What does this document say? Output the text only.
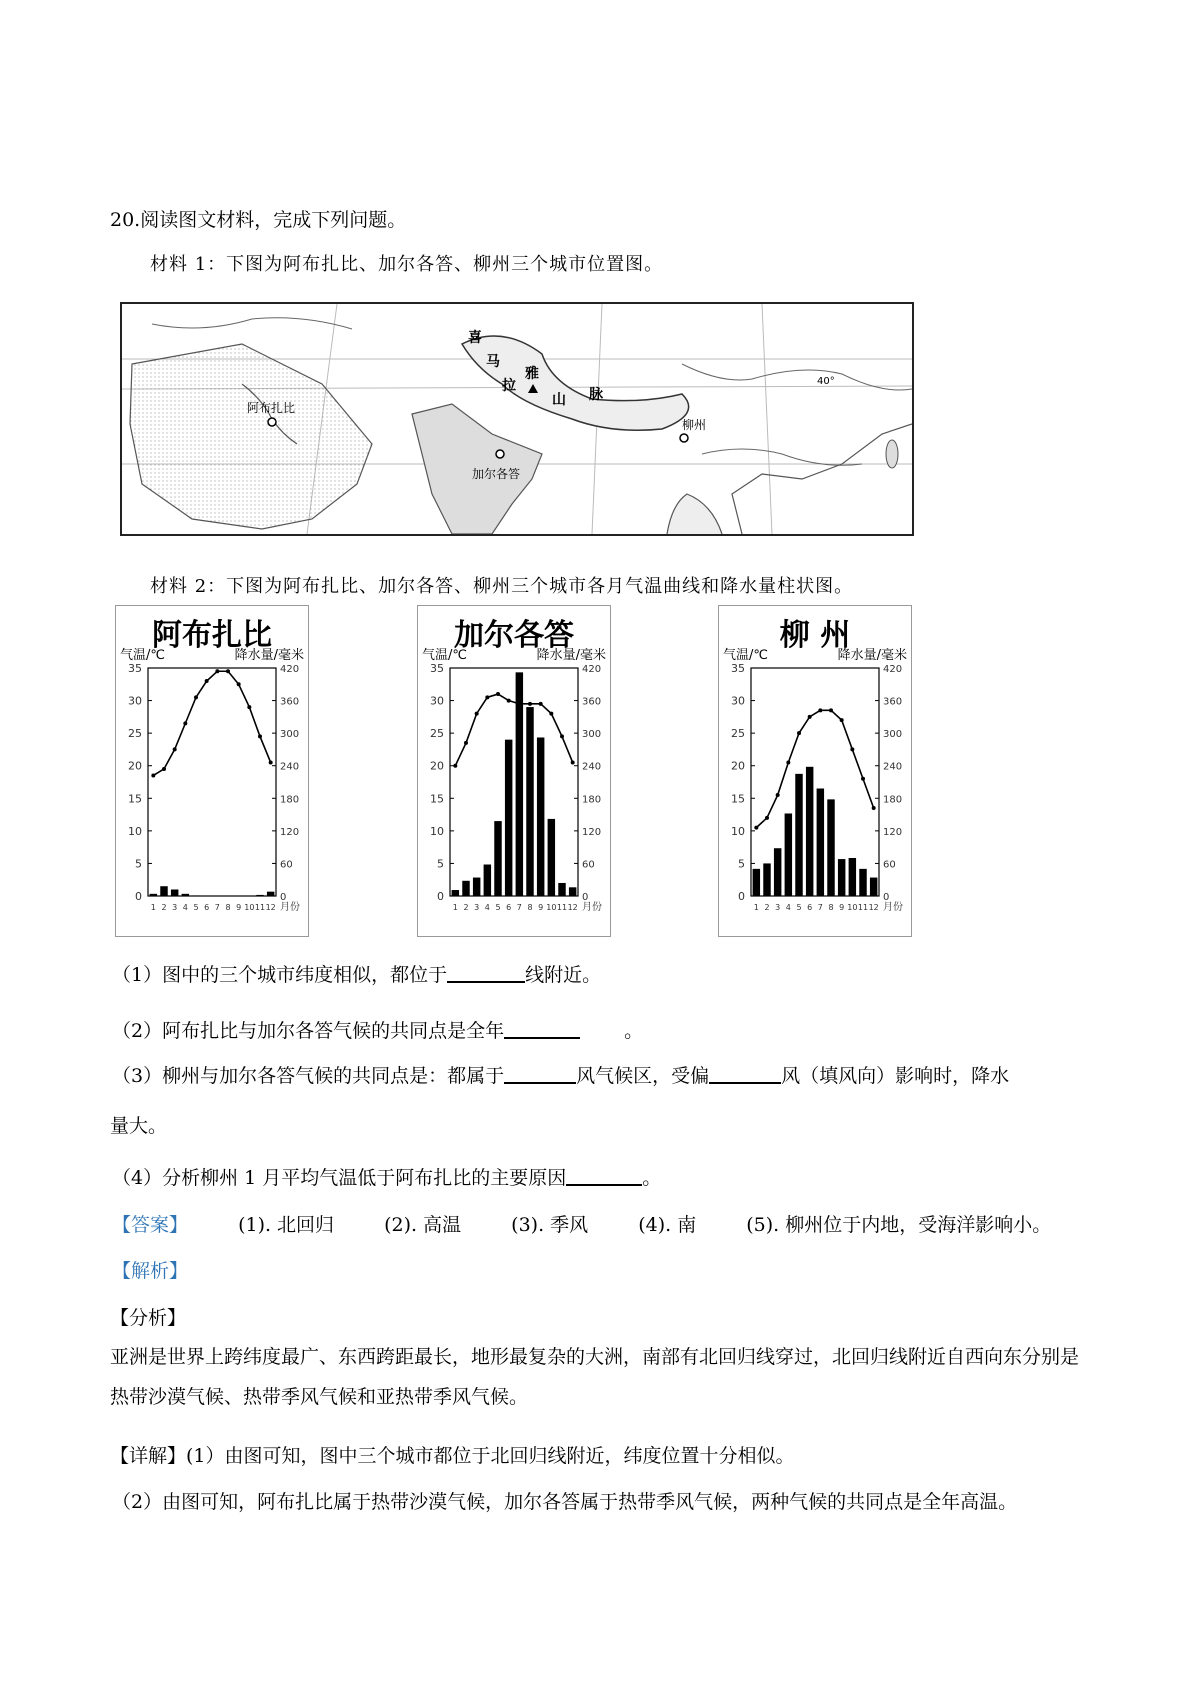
20.阅读图文材料，完成下列问题。
材料 1：下图为阿布扎比、加尔各答、柳州三个城市位置图。
喜
马
拉
雅
山 脉
阿布扎比
加尔各答
柳州
40°
材料 2：下图为阿布扎比、加尔各答、柳州三个城市各月气温曲线和降水量柱状图。
阿布扎比
气温/℃	降水量/毫米
0
5
10
15
20
25
30
35
0
60
120
180
240
300
360
420
1 2 3 4 5 6 7 8 9 10 11 12 月份
加尔各答
气温/℃	降水量/毫米
0
5
10
15
20
25
30
35
0
60
120
180
240
300
360
420
1 2 3 4 5 6 7 8 9 10 11 12 月份
柳 州
气温/℃	降水量/毫米
0
5
10
15
20
25
30
35
0
60
120
180
240
300
360
420
1 2 3 4 5 6 7 8 9 10 11 12 月份
（1）图中的三个城市纬度相似，都位于	线附近。
（2）阿布扎比与加尔各答气候的共同点是全年	。
（3）柳州与加尔各答气候的共同点是：都属于	风气候区，受偏	风（填风向）影响时，降水
量大。
（4）分析柳州 1 月平均气温低于阿布扎比的主要原因	。
【答案】	(1). 北回归	(2). 高温	(3). 季风	(4). 南	(5). 柳州位于内地，受海洋影响小。
【解析】
【分析】
亚洲是世界上跨纬度最广、东西跨距最长，地形最复杂的大洲，南部有北回归线穿过，北回归线附近自西向东分别是热带沙漠气候、热带季风气候和亚热带季风气候。
【详解】(1）由图可知，图中三个城市都位于北回归线附近，纬度位置十分相似。
（2）由图可知，阿布扎比属于热带沙漠气候，加尔各答属于热带季风气候，两种气候的共同点是全年高温。
